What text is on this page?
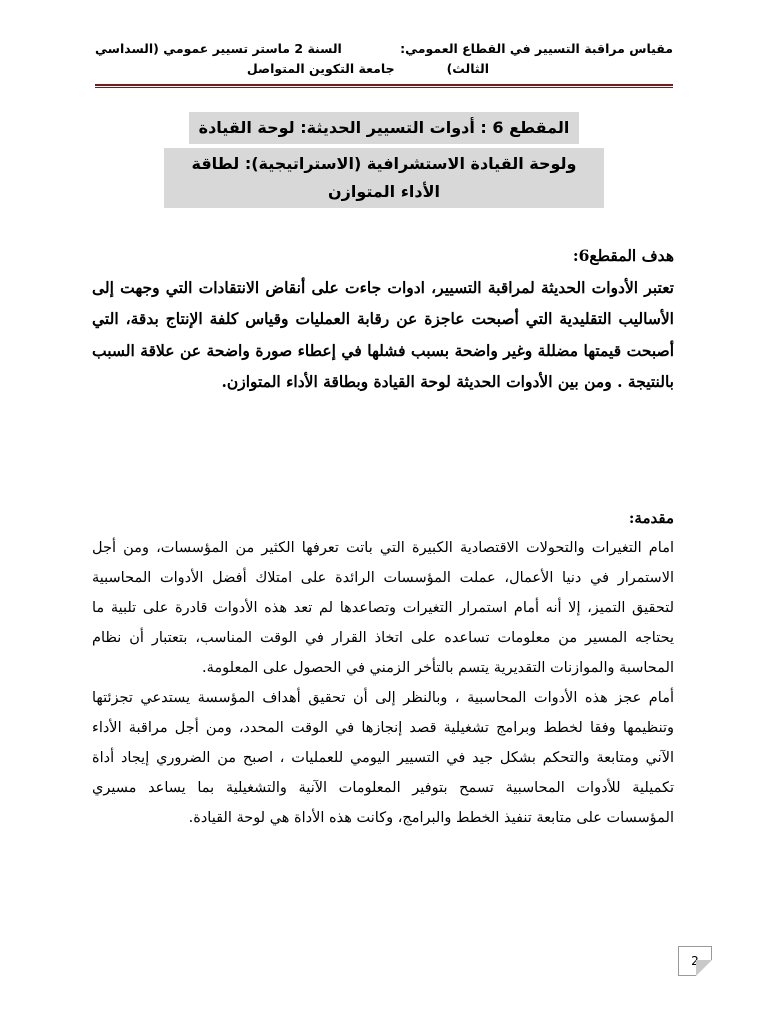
مقياس مراقبة التسيير في القطاع العمومي:
السنة 2 ماستر تسيير عمومي (السداسي
الثالث)
جامعة التكوين المتواصل
المقطع 6 : أدوات التسيير الحديثة: لوحة القيادة
ولوحة القيادة الاستشرافية (الاستراتيجية): لطاقة الأداء المتوازن

هدف المقطع6:

تعتبر الأدوات الحديثة لمراقبة التسيير، ادوات جاءت على أنقاض الانتقادات التي وجهت إلى الأساليب التقليدية التي أصبحت عاجزة عن رقابة العمليات وقياس كلفة الإنتاج بدقة، التي أصبحت قيمتها مضللة وغير واضحة بسبب فشلها في إعطاء صورة واضحة عن علاقة السبب بالنتيجة . ومن بين الأدوات الحديثة لوحة القيادة وبطاقة الأداء المتوازن.

مقدمة:

امام التغيرات والتحولات الاقتصادية الكبيرة التي باتت تعرفها الكثير من المؤسسات، ومن أجل الاستمرار في دنيا الأعمال، عملت المؤسسات الرائدة على امتلاك أفضل الأدوات المحاسبية لتحقيق التميز، إلا أنه أمام استمرار التغيرات وتصاعدها لم تعد هذه الأدوات قادرة على تلبية ما يحتاجه المسير من معلومات تساعده على اتخاذ القرار في الوقت المناسب، بتعتبار أن نظام المحاسبة والموازنات التقديرية يتسم بالتأخر الزمني في الحصول على المعلومة.

أمام عجز هذه الأدوات المحاسبية ، وبالنظر إلى أن تحقيق أهداف المؤسسة يستدعي تجزئتها وتنظيمها وفقا لخطط وبرامج تشغيلية قصد إنجازها في الوقت المحدد، ومن أجل مراقبة الأداء الآني ومتابعة والتحكم بشكل جيد في التسيير اليومي للعمليات ، اصبح من الضروري إيجاد أداة تكميلية للأدوات المحاسبية تسمح بتوفير المعلومات الآنية والتشغيلية بما يساعد مسيري المؤسسات على متابعة تنفيذ الخطط والبرامج، وكانت هذه الأداة هي لوحة القيادة.

2
